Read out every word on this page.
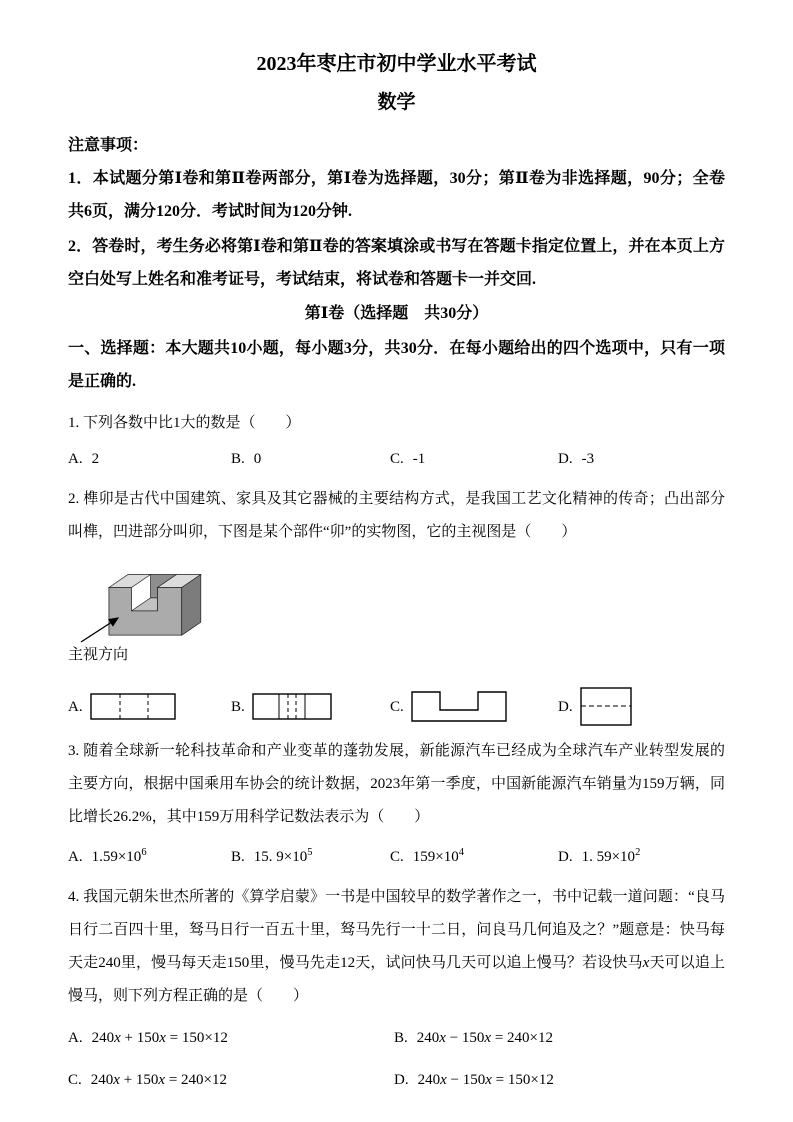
2023年枣庄市初中学业水平考试
数学
注意事项：
1．本试题分第Ⅰ卷和第Ⅱ卷两部分，第Ⅰ卷为选择题，30分；第Ⅱ卷为非选择题，90分；全卷共6页，满分120分．考试时间为120分钟.
2．答卷时，考生务必将第Ⅰ卷和第Ⅱ卷的答案填涂或书写在答题卡指定位置上，并在本页上方空白处写上姓名和准考证号，考试结束，将试卷和答题卡一并交回.
第Ⅰ卷（选择题　共30分）
一、选择题：本大题共10小题，每小题3分，共30分．在每小题给出的四个选项中，只有一项是正确的.
1. 下列各数中比1大的数是（　　）
A. 2	B. 0	C. -1	D. -3
2. 榫卯是古代中国建筑、家具及其它器械的主要结构方式，是我国工艺文化精神的传奇；凸出部分叫榫，凹进部分叫卯，下图是某个部件“卯”的实物图，它的主视图是（　　）
主视方向
A.	B.	C.	D.
3. 随着全球新一轮科技革命和产业变革的蓬勃发展，新能源汽车已经成为全球汽车产业转型发展的主要方向，根据中国乘用车协会的统计数据，2023年第一季度，中国新能源汽车销量为159万辆，同比增长26.2%，其中159万用科学记数法表示为（　　）
A. $1.59\times 10^6$	B. 15. $9\times 10^5$	C. $159\times 10^4$	D. 1. $59\times 10^2$
4. 我国元朝朱世杰所著的《算学启蒙》一书是中国较早的数学著作之一，书中记载一道问题：“良马日行二百四十里，驽马日行一百五十里，驽马先行一十二日，问良马几何追及之？”题意是：快马每天走240里，慢马每天走150里，慢马先走12天，试问快马几天可以追上慢马？若设快马x天可以追上慢马，则下列方程正确的是（　　）
A. 240x + 150x = 150×12	B. 240x − 150x = 240×12
C. 240x + 150x = 240×12	D. 240x − 150x = 150×12
